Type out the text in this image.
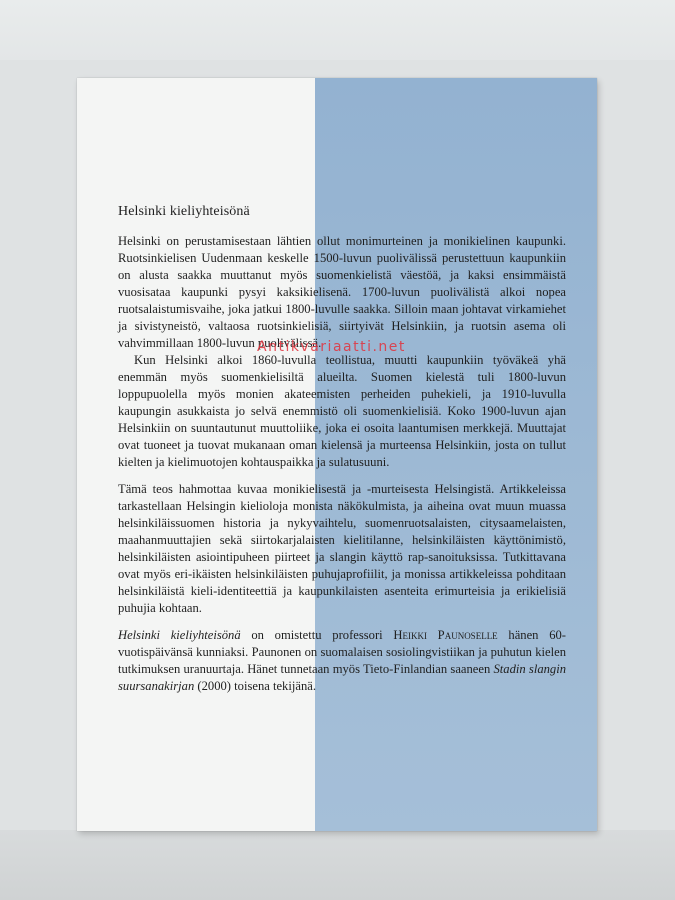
Helsinki kieliyhteisönä

Helsinki on perustamisestaan lähtien ollut monimurteinen ja monikielinen kaupunki. Ruotsinkielisen Uudenmaan keskelle 1500-luvun puolivälissä perustettuun kaupunkiin on alusta saakka muuttanut myös suomenkielistä väestöä, ja kaksi ensimmäistä vuosisataa kaupunki pysyi kaksikielisenä. 1700-luvun puolivälistä alkoi nopea ruotsalaistumisvaihe, joka jatkui 1800-luvulle saakka. Silloin maan johtavat virkamiehet ja sivistyneistö, valtaosa ruotsinkielisiä, siirtyivät Helsinkiin, ja ruotsin asema oli vahvimmillaan 1800-luvun puolivälissä.

Kun Helsinki alkoi 1860-luvulla teollistua, muutti kaupunkiin työväkeä yhä enemmän myös suomenkielisiltä alueilta. Suomen kielestä tuli 1800-luvun loppupuolella myös monien akateemisten perheiden puhekieli, ja 1910-luvulla kaupungin asukkaista jo selvä enemmistö oli suomenkielisiä. Koko 1900-luvun ajan Helsinkiin on suuntautunut muuttoliike, joka ei osoita laantumisen merkkejä. Muuttajat ovat tuoneet ja tuovat mukanaan oman kielensä ja murteensa Helsinkiin, josta on tullut kielten ja kielimuotojen kohtauspaikka ja sulatusuuni.

Tämä teos hahmottaa kuvaa monikielisestä ja -murteisesta Helsingistä. Artikkeleissa tarkastellaan Helsingin kielioloja monista näkökulmista, ja aiheina ovat muun muassa helsinkiläissuomen historia ja nykyvaihtelu, suomenruotsalaisten, citysaamelaisten, maahanmuuttajien sekä siirtokarjalaisten kielitilanne, helsinkiläisten käyttönimistö, helsinkiläisten asiointipuheen piirteet ja slangin käyttö rap-sanoituksissa. Tutkittavana ovat myös eri-ikäisten helsinkiläisten puhujaprofiilit, ja monissa artikkeleissa pohditaan helsinkiläistä kieli-identiteettiä ja kaupunkilaisten asenteita erimurteisia ja erikielisiä puhujia kohtaan.

Helsinki kieliyhteisönä on omistettu professori Heikki Paunoselle hänen 60-vuotispäivänsä kunniaksi. Paunonen on suomalaisen sosiolingvistiikan ja puhutun kielen tutkimuksen uranuurtaja. Hänet tunnetaan myös Tieto-Finlandian saaneen Stadin slangin suursanakirjan (2000) toisena tekijänä.

Antikvariaatti.net
